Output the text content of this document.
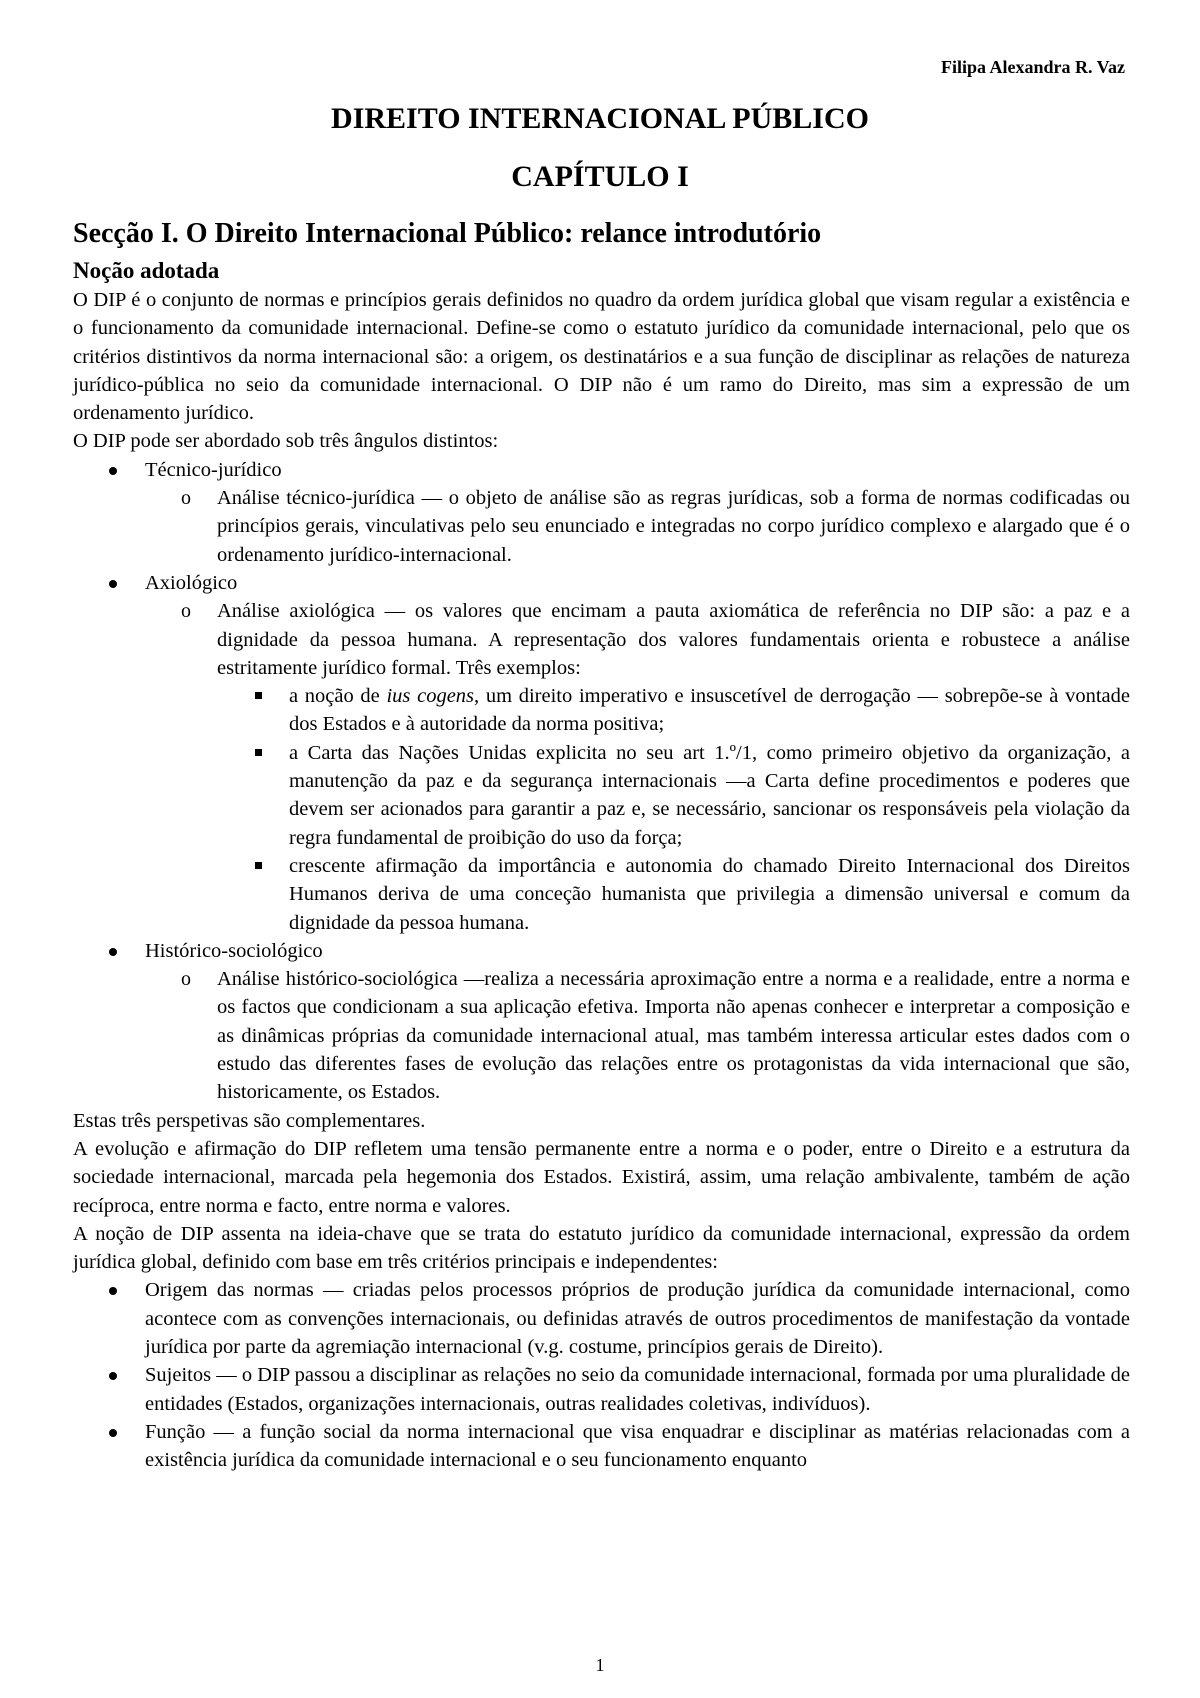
Filipa Alexandra R. Vaz
DIREITO INTERNACIONAL PÚBLICO
CAPÍTULO I
Secção I. O Direito Internacional Público: relance introdutório
Noção adotada

O DIP é o conjunto de normas e princípios gerais definidos no quadro da ordem jurídica global que visam regular a existência e o funcionamento da comunidade internacional. Define-se como o estatuto jurídico da comunidade internacional, pelo que os critérios distintivos da norma internacional são: a origem, os destinatários e a sua função de disciplinar as relações de natureza jurídico-pública no seio da comunidade internacional. O DIP não é um ramo do Direito, mas sim a expressão de um ordenamento jurídico.

O DIP pode ser abordado sob três ângulos distintos:

Técnico-jurídico
o Análise técnico-jurídica — o objeto de análise são as regras jurídicas, sob a forma de normas codificadas ou princípios gerais, vinculativas pelo seu enunciado e integradas no corpo jurídico complexo e alargado que é o ordenamento jurídico-internacional.
Axiológico
o Análise axiológica — os valores que encimam a pauta axiomática de referência no DIP são: a paz e a dignidade da pessoa humana. A representação dos valores fundamentais orienta e robustece a análise estritamente jurídico formal. Três exemplos:
a noção de ius cogens, um direito imperativo e insuscetível de derrogação — sobrepõe-se à vontade dos Estados e à autoridade da norma positiva;
a Carta das Nações Unidas explicita no seu art 1.º/1, como primeiro objetivo da organização, a manutenção da paz e da segurança internacionais —a Carta define procedimentos e poderes que devem ser acionados para garantir a paz e, se necessário, sancionar os responsáveis pela violação da regra fundamental de proibição do uso da força;
crescente afirmação da importância e autonomia do chamado Direito Internacional dos Direitos Humanos deriva de uma conceção humanista que privilegia a dimensão universal e comum da dignidade da pessoa humana.
Histórico-sociológico
o Análise histórico-sociológica —realiza a necessária aproximação entre a norma e a realidade, entre a norma e os factos que condicionam a sua aplicação efetiva. Importa não apenas conhecer e interpretar a composição e as dinâmicas próprias da comunidade internacional atual, mas também interessa articular estes dados com o estudo das diferentes fases de evolução das relações entre os protagonistas da vida internacional que são, historicamente, os Estados.

Estas três perspetivas são complementares.

A evolução e afirmação do DIP refletem uma tensão permanente entre a norma e o poder, entre o Direito e a estrutura da sociedade internacional, marcada pela hegemonia dos Estados. Existirá, assim, uma relação ambivalente, também de ação recíproca, entre norma e facto, entre norma e valores.

A noção de DIP assenta na ideia-chave que se trata do estatuto jurídico da comunidade internacional, expressão da ordem jurídica global, definido com base em três critérios principais e independentes:

Origem das normas — criadas pelos processos próprios de produção jurídica da comunidade internacional, como acontece com as convenções internacionais, ou definidas através de outros procedimentos de manifestação da vontade jurídica por parte da agremiação internacional (v.g. costume, princípios gerais de Direito).
Sujeitos — o DIP passou a disciplinar as relações no seio da comunidade internacional, formada por uma pluralidade de entidades (Estados, organizações internacionais, outras realidades coletivas, indivíduos).
Função — a função social da norma internacional que visa enquadrar e disciplinar as matérias relacionadas com a existência jurídica da comunidade internacional e o seu funcionamento enquanto
1
